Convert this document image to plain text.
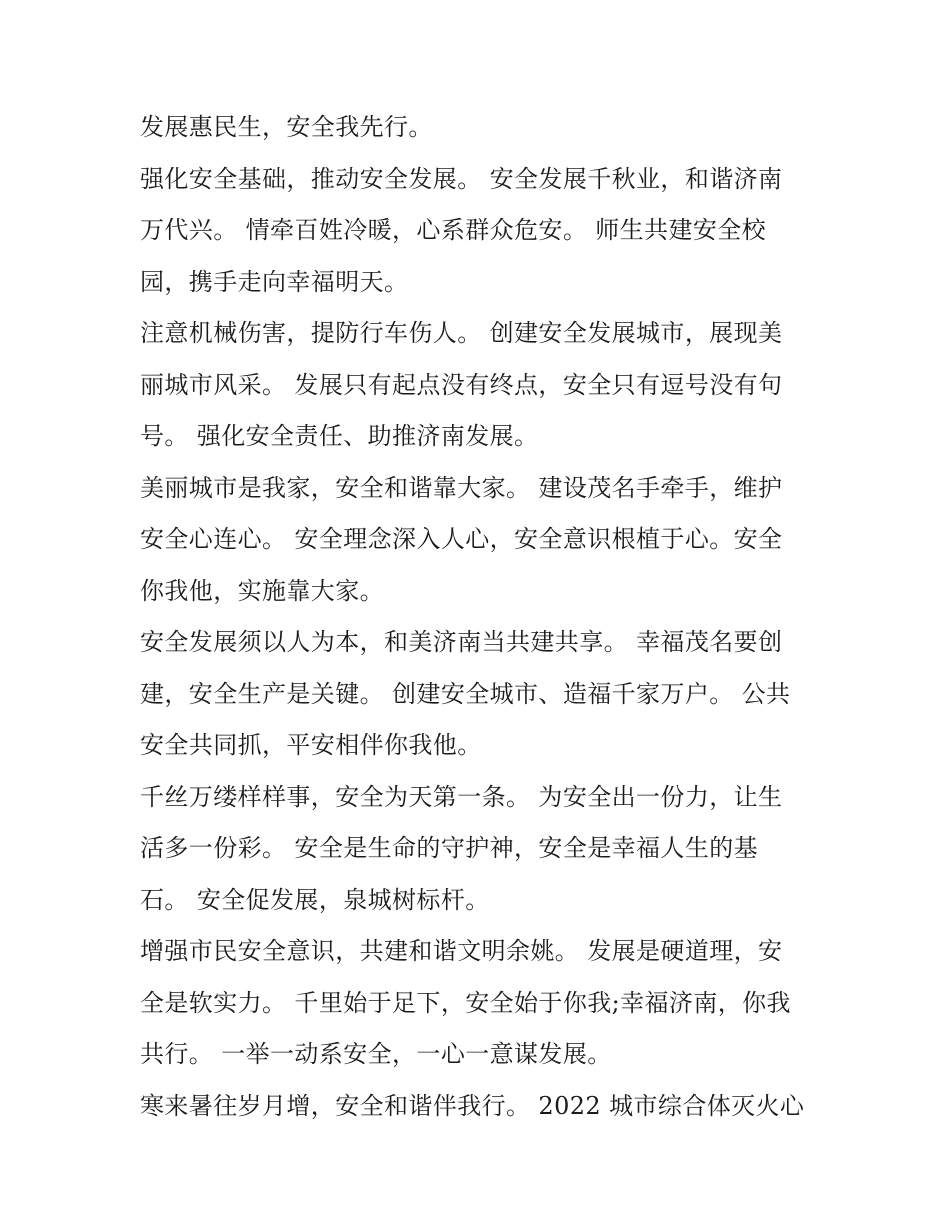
发展惠民生，安全我先行。
强化安全基础，推动安全发展。 安全发展千秋业，和谐济南
万代兴。 情牵百姓冷暖，心系群众危安。 师生共建安全校
园，携手走向幸福明天。
注意机械伤害，提防行车伤人。 创建安全发展城市，展现美
丽城市风采。 发展只有起点没有终点，安全只有逗号没有句
号。 强化安全责任、助推济南发展。
美丽城市是我家，安全和谐靠大家。 建设茂名手牵手，维护
安全心连心。 安全理念深入人心，安全意识根植于心。安全
你我他，实施靠大家。
安全发展须以人为本，和美济南当共建共享。 幸福茂名要创
建，安全生产是关键。 创建安全城市、造福千家万户。 公共
安全共同抓，平安相伴你我他。
千丝万缕样样事，安全为天第一条。 为安全出一份力，让生
活多一份彩。 安全是生命的守护神，安全是幸福人生的基
石。 安全促发展，泉城树标杆。
增强市民安全意识，共建和谐文明余姚。 发展是硬道理，安
全是软实力。 千里始于足下，安全始于你我;幸福济南，你我
共行。 一举一动系安全，一心一意谋发展。
寒来暑往岁月增，安全和谐伴我行。 2022 城市综合体灭火心
